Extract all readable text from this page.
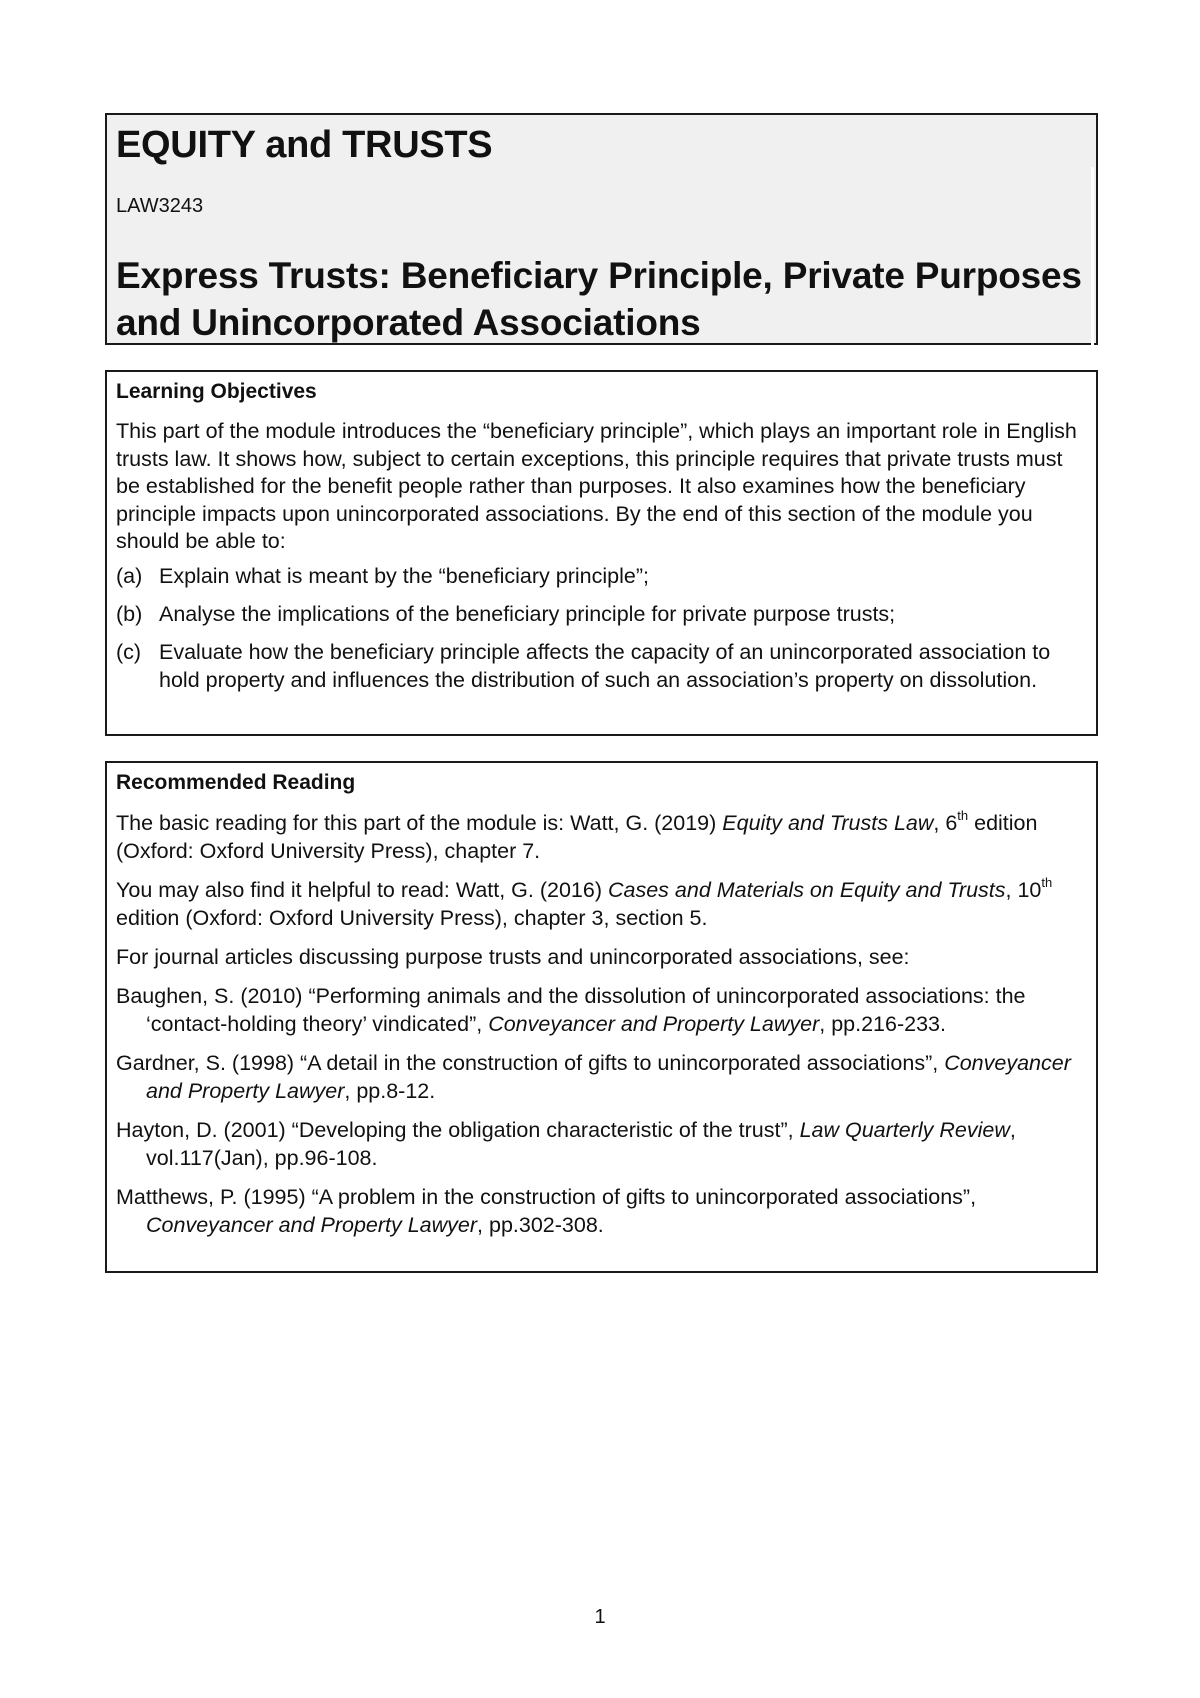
EQUITY and TRUSTS
LAW3243
Express Trusts: Beneficiary Principle, Private Purposes and Unincorporated Associations
Learning Objectives

This part of the module introduces the “beneficiary principle”, which plays an important role in English trusts law. It shows how, subject to certain exceptions, this principle requires that private trusts must be established for the benefit people rather than purposes. It also examines how the beneficiary principle impacts upon unincorporated associations. By the end of this section of the module you should be able to:

(a) Explain what is meant by the “beneficiary principle”;
(b) Analyse the implications of the beneficiary principle for private purpose trusts;
(c) Evaluate how the beneficiary principle affects the capacity of an unincorporated association to hold property and influences the distribution of such an association’s property on dissolution.
Recommended Reading

The basic reading for this part of the module is: Watt, G. (2019) Equity and Trusts Law, 6th edition (Oxford: Oxford University Press), chapter 7.

You may also find it helpful to read: Watt, G. (2016) Cases and Materials on Equity and Trusts, 10th edition (Oxford: Oxford University Press), chapter 3, section 5.

For journal articles discussing purpose trusts and unincorporated associations, see:

Baughen, S. (2010) “Performing animals and the dissolution of unincorporated associations: the ‘contact-holding theory’ vindicated”, Conveyancer and Property Lawyer, pp.216-233.

Gardner, S. (1998) “A detail in the construction of gifts to unincorporated associations”, Conveyancer and Property Lawyer, pp.8-12.

Hayton, D. (2001) “Developing the obligation characteristic of the trust”, Law Quarterly Review, vol.117(Jan), pp.96-108.

Matthews, P. (1995) “A problem in the construction of gifts to unincorporated associations”, Conveyancer and Property Lawyer, pp.302-308.

1
